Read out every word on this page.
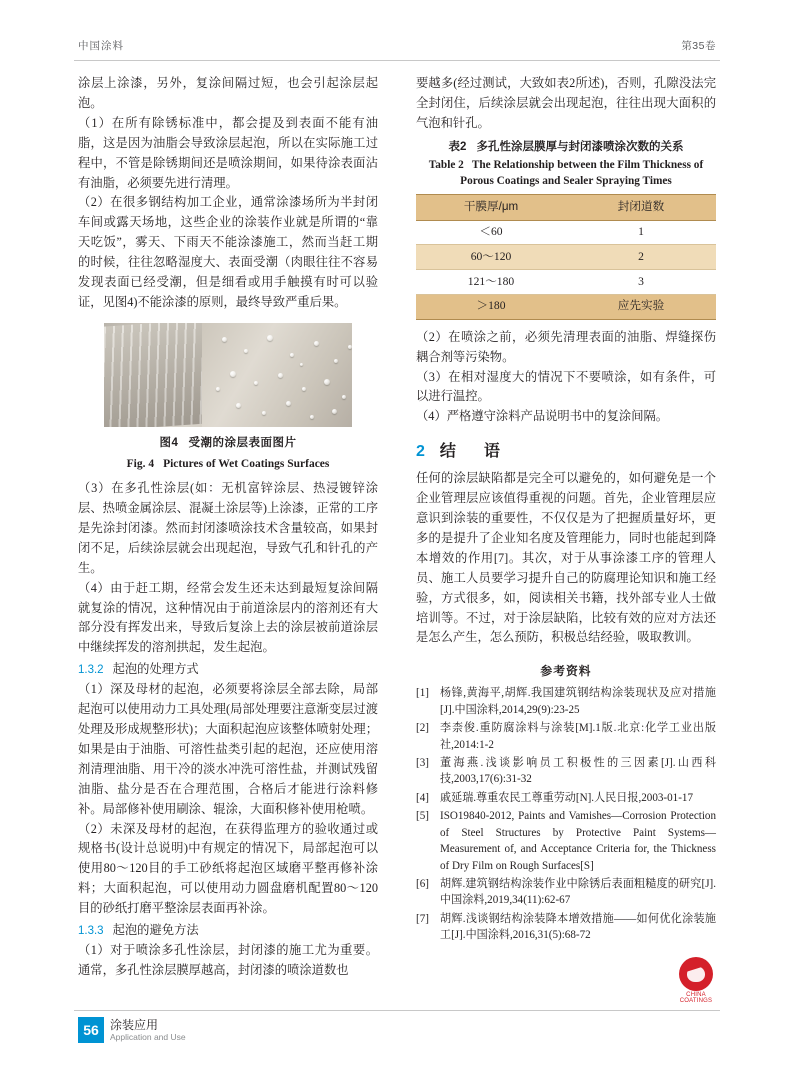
中国涂料	第35卷

涂层上涂漆，另外，复涂间隔过短，也会引起涂层起泡。

（1）在所有除锈标准中，都会提及到表面不能有油脂，这是因为油脂会导致涂层起泡，所以在实际施工过程中，不管是除锈期间还是喷涂期间，如果待涂表面沾有油脂，必须要先进行清理。

（2）在很多钢结构加工企业，通常涂漆场所为半封闭车间或露天场地，这些企业的涂装作业就是所谓的“靠天吃饭”，雾天、下雨天不能涂漆施工，然而当赶工期的时候，往往忽略湿度大、表面受潮（肉眼往往不容易发现表面已经受潮，但是细看或用手触摸有时可以验证，见图4)不能涂漆的原则，最终导致严重后果。

图4 受潮的涂层表面图片
Fig. 4 Pictures of Wet Coatings Surfaces

（3）在多孔性涂层(如：无机富锌涂层、热浸镀锌涂层、热喷金属涂层、混凝土涂层等)上涂漆，正常的工序是先涂封闭漆。然而封闭漆喷涂技术含量较高，如果封闭不足，后续涂层就会出现起泡，导致气孔和针孔的产生。

（4）由于赶工期，经常会发生还未达到最短复涂间隔就复涂的情况，这种情况由于前道涂层内的溶剂还有大部分没有挥发出来，导致后复涂上去的涂层被前道涂层中继续挥发的溶剂拱起，发生起泡。

1.3.2 起泡的处理方式

（1）深及母材的起泡，必须要将涂层全部去除，局部起泡可以使用动力工具处理(局部处理要注意渐变层过渡处理及形成规整形状)；大面积起泡应该整体喷射处理；如果是由于油脂、可溶性盐类引起的起泡，还应使用溶剂清理油脂、用干冷的淡水冲洗可溶性盐，并测试残留油脂、盐分是否在合理范围，合格后才能进行涂料修补。局部修补使用刷涂、辊涂，大面积修补使用枪喷。

（2）未深及母材的起泡，在获得监理方的验收通过或规格书(设计总说明)中有规定的情况下，局部起泡可以使用80～120目的手工砂纸将起泡区域磨平整再修补涂料；大面积起泡，可以使用动力圆盘磨机配置80～120目的砂纸打磨平整涂层表面再补涂。

1.3.3 起泡的避免方法

（1）对于喷涂多孔性涂层，封闭漆的施工尤为重要。通常，多孔性涂层膜厚越高，封闭漆的喷涂道数也

要越多(经过测试，大致如表2所述)，否则，孔隙没法完全封闭住，后续涂层就会出现起泡，往往出现大面积的气泡和针孔。

表2 多孔性涂层膜厚与封闭漆喷涂次数的关系
Table 2 The Relationship between the Film Thickness of Porous Coatings and Sealer Spraying Times
干膜厚/μm	封闭道数
＜60	1
60～120	2
121～180	3
＞180	应先实验

（2）在喷涂之前，必须先清理表面的油脂、焊缝探伤耦合剂等污染物。

（3）在相对湿度大的情况下不要喷涂，如有条件，可以进行温控。

（4）严格遵守涂料产品说明书中的复涂间隔。

2 结　语

任何的涂层缺陷都是完全可以避免的，如何避免是一个企业管理层应该值得重视的问题。首先，企业管理层应意识到涂装的重要性，不仅仅是为了把握质量好坏，更多的是提升了企业知名度及管理能力，同时也能起到降本增效的作用[7]。其次，对于从事涂漆工序的管理人员、施工人员要学习提升自己的防腐理论知识和施工经验，方式很多，如，阅读相关书籍，找外部专业人士做培训等。不过，对于涂层缺陷，比较有效的应对方法还是怎么产生，怎么预防，积极总结经验，吸取教训。

参考资料
[1] 杨锋,黄海平,胡辉.我国建筑钢结构涂装现状及应对措施[J].中国涂料,2014,29(9):23-25
[2] 李柰俊.重防腐涂料与涂装[M].1版.北京:化学工业出版社,2014:1-2
[3] 董海燕.浅谈影响员工积极性的三因素[J].山西科技,2003,17(6):31-32
[4] 戚延瑞.尊重农民工尊重劳动[N].人民日报,2003-01-17
[5] ISO19840-2012, Paints and Vamishes—Corrosion Protection of Steel Structures by Protective Paint Systems—Measurement of, and Acceptance Criteria for, the Thickness of Dry Film on Rough Surfaces[S]
[6] 胡辉.建筑钢结构涂装作业中除锈后表面粗糙度的研究[J].中国涂料,2019,34(11):62-67
[7] 胡辉.浅谈钢结构涂装降本增效措施——如何优化涂装施工[J].中国涂料,2016,31(5):68-72
CHINA COATINGS
56 涂装应用
Application and Use
